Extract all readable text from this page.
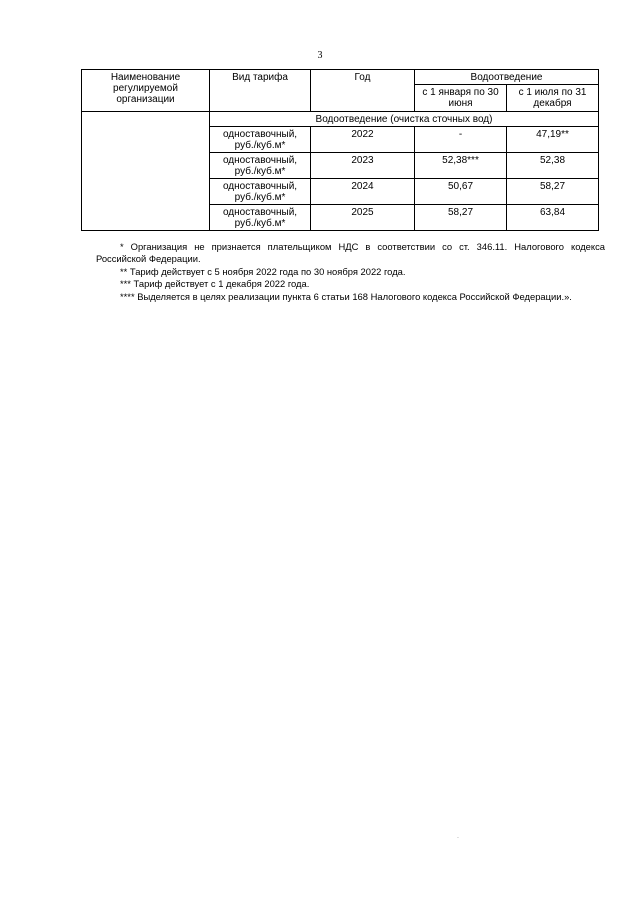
3
Наименование регулируемой организации	Вид тарифа	Год	Водоотведение	
			с 1 января по 30 июня	с 1 июля по 31 декабря
	Водоотведение (очистка сточных вод)			
	одноставочный, руб./куб.м*	2022	-	47,19**
	одноставочный, руб./куб.м*	2023	52,38***	52,38
	одноставочный, руб./куб.м*	2024	50,67	58,27
	одноставочный, руб./куб.м*	2025	58,27	63,84

* Организация не признается плательщиком НДС в соответствии со ст. 346.11. Налогового кодекса Российской Федерации.

** Тариф действует с 5 ноября 2022 года по 30 ноября 2022 года.

*** Тариф действует с 1 декабря 2022 года.

**** Выделяется в целях реализации пункта 6 статьи 168 Налогового кодекса Российской Федерации.».

.
